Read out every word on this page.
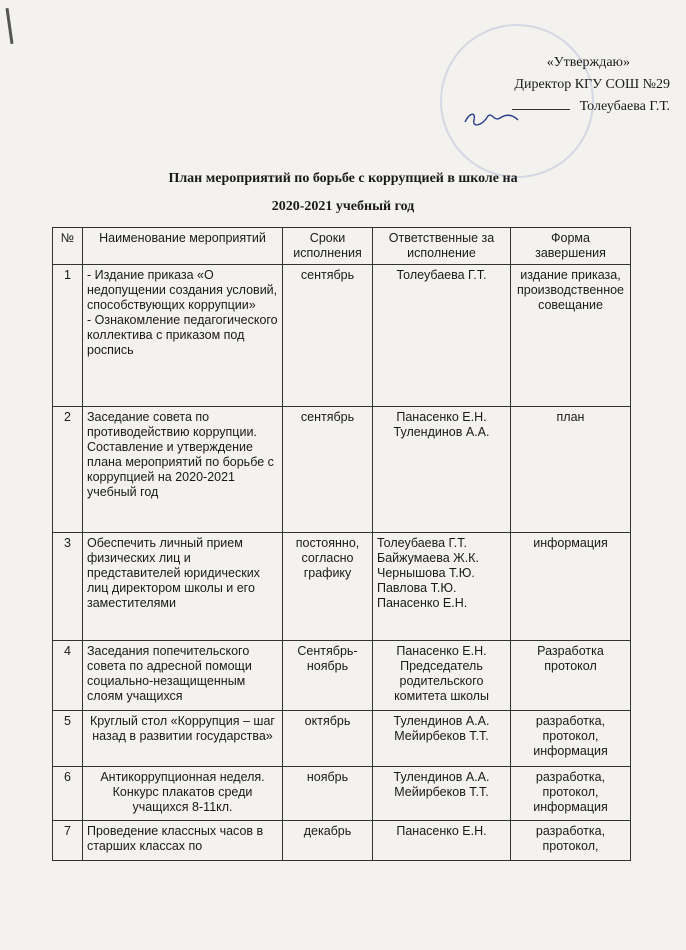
«Утверждаю»
Директор КГУ СОШ №29
Толеубаева Г.Т.
План мероприятий по борьбе с коррупцией в школе на
2020-2021 учебный год
№	Наименование мероприятий	Сроки исполнения	Ответственные за исполнение	Форма завершения
1	- Издание приказа «О недопущении создания условий, способствующих коррупции»
- Ознакомление педагогического коллектива с приказом под роспись	сентябрь	Толеубаева Г.Т.	издание приказа, производственное совещание
2	Заседание совета по противодействию коррупции. Составление и утверждение плана мероприятий по борьбе с коррупцией на 2020-2021 учебный год	сентябрь	Панасенко Е.Н. Тулендинов А.А.	план
3	Обеспечить личный прием физических лиц и представителей юридических лиц директором школы и его заместителями	постоянно, согласно графику	Толеубаева Г.Т.
Байжумаева Ж.К.
Чернышова Т.Ю.
Павлова Т.Ю.
Панасенко Е.Н.	информация
4	Заседания попечительского совета по адресной помощи социально-незащищенным слоям учащихся	Сентябрь-ноябрь	Панасенко Е.Н. Председатель родительского комитета школы	Разработка протокол
5	Круглый стол «Коррупция – шаг назад в развитии государства»	октябрь	Тулендинов А.А. Мейирбеков Т.Т.	разработка, протокол, информация
6	Антикоррупционная неделя. Конкурс плакатов среди учащихся 8-11кл.	ноябрь	Тулендинов А.А. Мейирбеков Т.Т.	разработка, протокол, информация
7	Проведение классных часов в старших классах по	декабрь	Панасенко Е.Н.	разработка, протокол,
